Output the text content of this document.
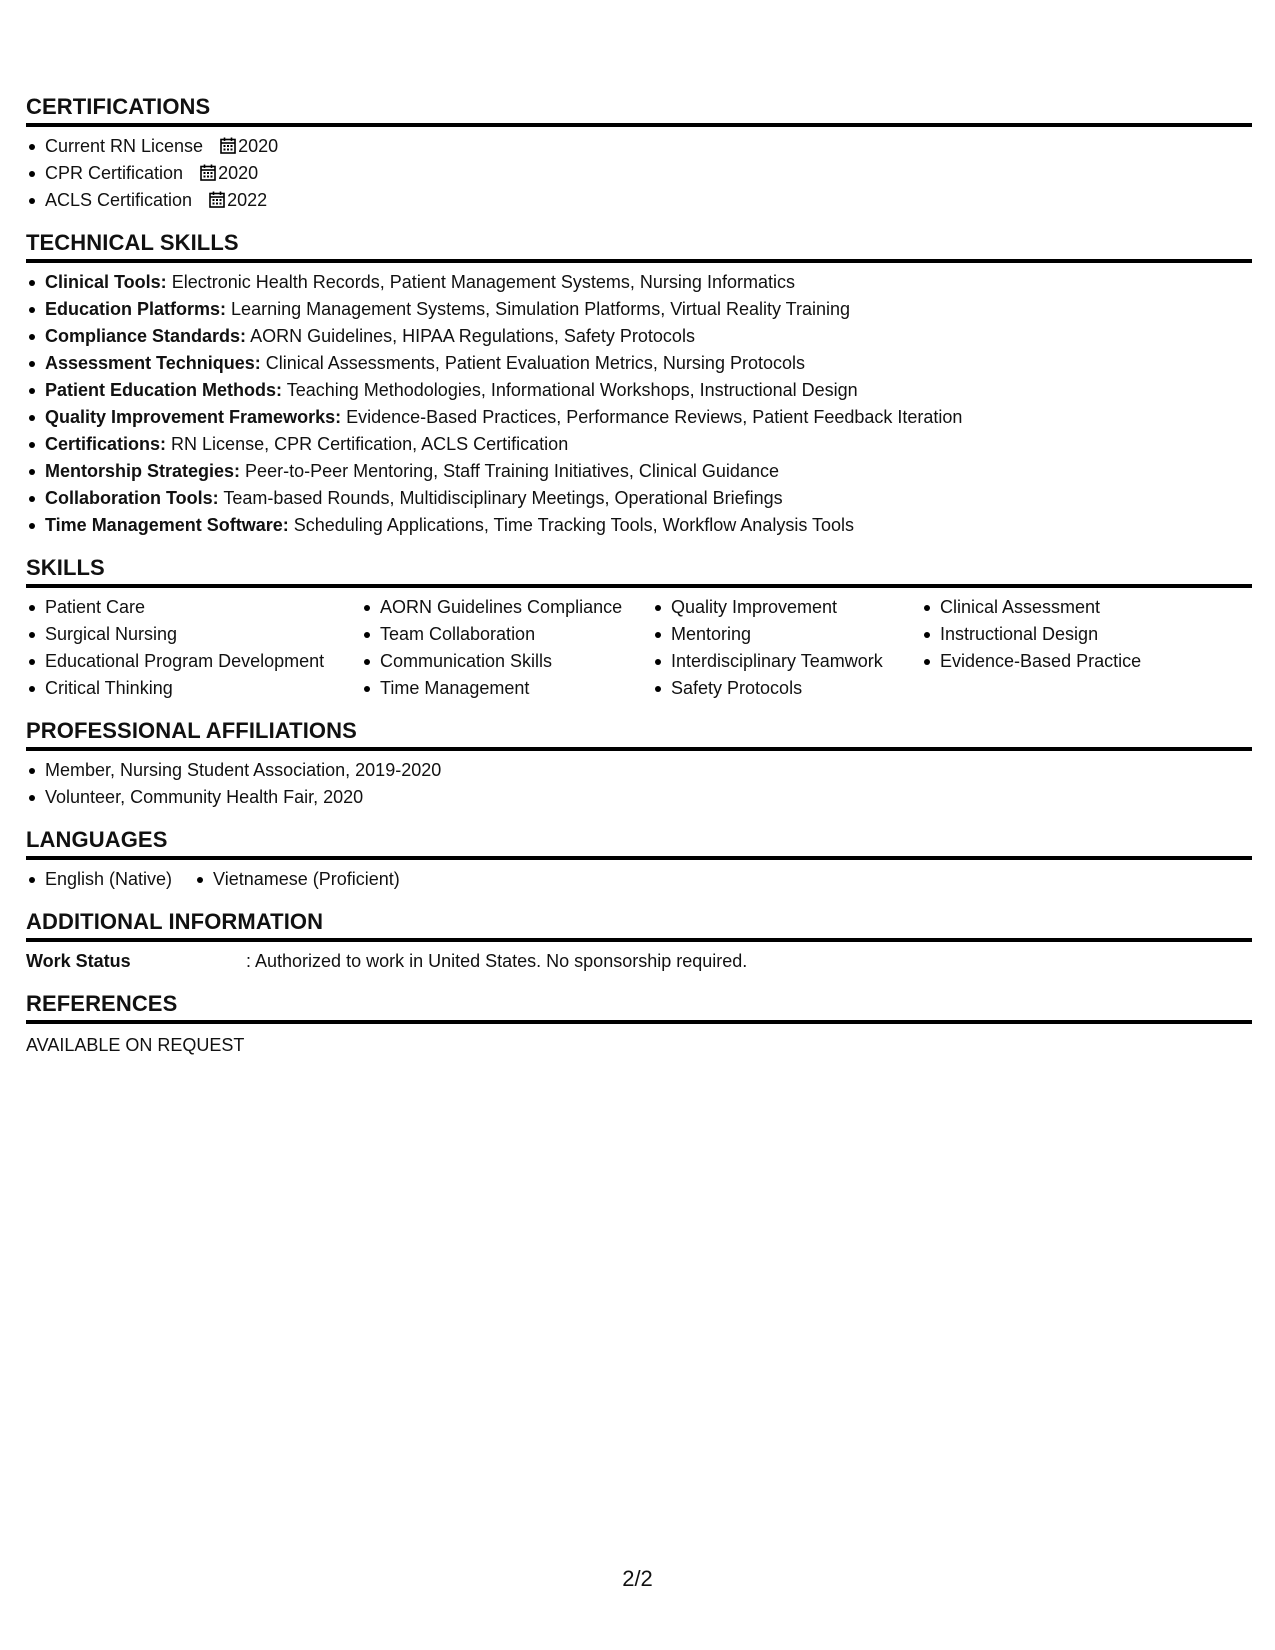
CERTIFICATIONS
Current RN License 2020
CPR Certification 2020
ACLS Certification 2022
TECHNICAL SKILLS
Clinical Tools: Electronic Health Records, Patient Management Systems, Nursing Informatics
Education Platforms: Learning Management Systems, Simulation Platforms, Virtual Reality Training
Compliance Standards: AORN Guidelines, HIPAA Regulations, Safety Protocols
Assessment Techniques: Clinical Assessments, Patient Evaluation Metrics, Nursing Protocols
Patient Education Methods: Teaching Methodologies, Informational Workshops, Instructional Design
Quality Improvement Frameworks: Evidence-Based Practices, Performance Reviews, Patient Feedback Iteration
Certifications: RN License, CPR Certification, ACLS Certification
Mentorship Strategies: Peer-to-Peer Mentoring, Staff Training Initiatives, Clinical Guidance
Collaboration Tools: Team-based Rounds, Multidisciplinary Meetings, Operational Briefings
Time Management Software: Scheduling Applications, Time Tracking Tools, Workflow Analysis Tools
SKILLS
Patient Care
Surgical Nursing
Educational Program Development
Critical Thinking
AORN Guidelines Compliance
Team Collaboration
Communication Skills
Time Management
Quality Improvement
Mentoring
Interdisciplinary Teamwork
Safety Protocols
Clinical Assessment
Instructional Design
Evidence-Based Practice
PROFESSIONAL AFFILIATIONS
Member, Nursing Student Association, 2019-2020
Volunteer, Community Health Fair, 2020
LANGUAGES
English (Native)	Vietnamese (Proficient)
ADDITIONAL INFORMATION
Work Status	: Authorized to work in United States. No sponsorship required.
REFERENCES
AVAILABLE ON REQUEST
2/2
